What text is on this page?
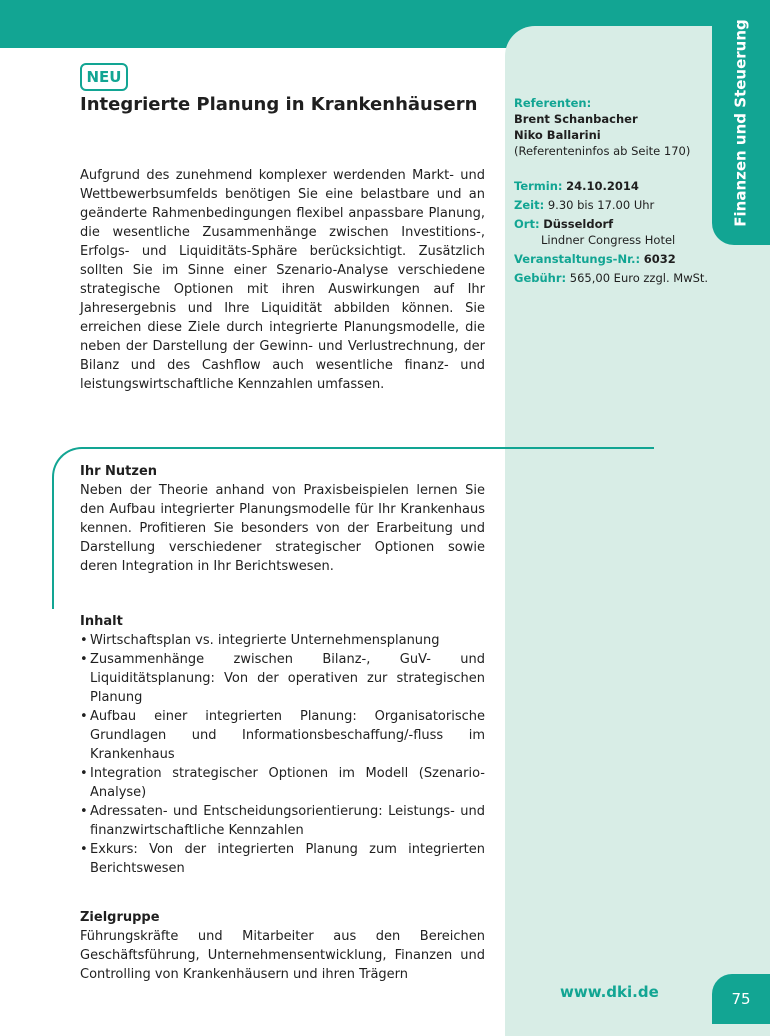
Finanzen und Steuerung
NEU
Integrierte Planung in Krankenhäusern
Aufgrund des zunehmend komplexer werdenden Markt- und Wettbewerbsumfelds benötigen Sie eine belastbare und an geänderte Rahmenbedingungen flexibel anpassbare Planung, die wesentliche Zusammenhänge zwischen Investitions-, Erfolgs- und Liquiditäts-Sphäre berücksichtigt. Zusätzlich sollten Sie im Sinne einer Szenario-Analyse verschiedene strategische Optionen mit ihren Auswirkungen auf Ihr Jahresergebnis und Ihre Liquidität abbilden können. Sie erreichen diese Ziele durch integrierte Planungsmodelle, die neben der Darstellung der Gewinn- und Verlustrechnung, der Bilanz und des Cashflow auch wesentliche finanz- und leistungswirtschaftliche Kennzahlen umfassen.
Ihr Nutzen
Neben der Theorie anhand von Praxisbeispielen lernen Sie den Aufbau integrierter Planungsmodelle für Ihr Krankenhaus kennen. Profitieren Sie besonders von der Erarbeitung und Darstellung verschiedener strategischer Optionen sowie deren Integration in Ihr Berichtswesen.
Inhalt
• Wirtschaftsplan vs. integrierte Unternehmensplanung
• Zusammenhänge zwischen Bilanz-, GuV- und Liquiditätsplanung: Von der operativen zur strategischen Planung
• Aufbau einer integrierten Planung: Organisatorische Grundlagen und Informationsbeschaffung/-fluss im Krankenhaus
• Integration strategischer Optionen im Modell (Szenario-Analyse)
• Adressaten- und Entscheidungsorientierung: Leistungs- und finanzwirtschaftliche Kennzahlen
• Exkurs: Von der integrierten Planung zum integrierten Berichtswesen
Zielgruppe
Führungskräfte und Mitarbeiter aus den Bereichen Geschäftsführung, Unternehmensentwicklung, Finanzen und Controlling von Krankenhäusern und ihren Trägern
Referenten:
Brent Schanbacher
Niko Ballarini
(Referenteninfos ab Seite 170)
Termin: 24.10.2014
Zeit: 9.30 bis 17.00 Uhr
Ort: Düsseldorf
Lindner Congress Hotel
Veranstaltungs-Nr.: 6032
Gebühr: 565,00 Euro zzgl. MwSt.
www.dki.de	75
